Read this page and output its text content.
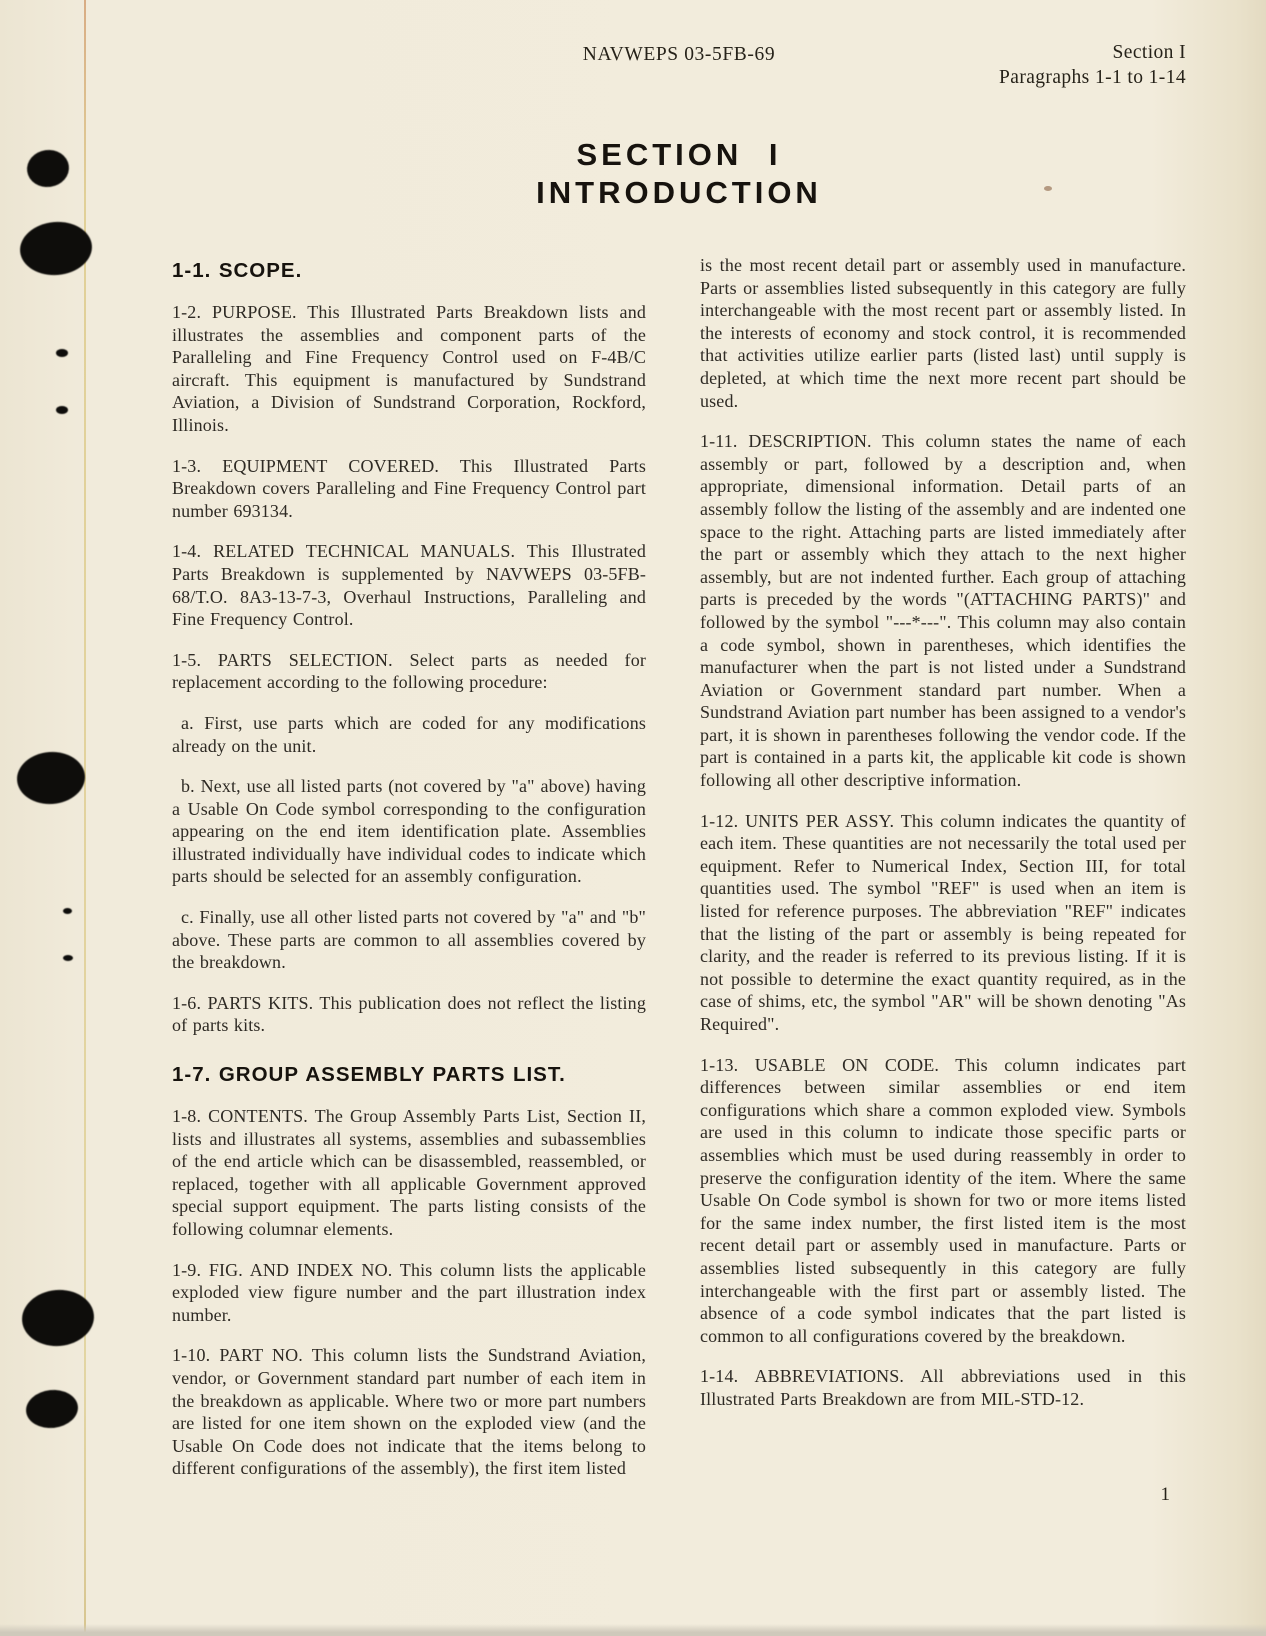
NAVWEPS 03-5FB-69	Section I
Paragraphs 1-1 to 1-14
SECTION I
INTRODUCTION
1-1. SCOPE.

1-2. PURPOSE. This Illustrated Parts Breakdown lists and illustrates the assemblies and component parts of the Paralleling and Fine Frequency Control used on F-4B/C aircraft. This equipment is manufactured by Sundstrand Aviation, a Division of Sundstrand Corporation, Rockford, Illinois.

1-3. EQUIPMENT COVERED. This Illustrated Parts Breakdown covers Paralleling and Fine Frequency Control part number 693134.

1-4. RELATED TECHNICAL MANUALS. This Illustrated Parts Breakdown is supplemented by NAVWEPS 03-5FB-68/T.O. 8A3-13-7-3, Overhaul Instructions, Paralleling and Fine Frequency Control.

1-5. PARTS SELECTION. Select parts as needed for replacement according to the following procedure:

a. First, use parts which are coded for any modifications already on the unit.

b. Next, use all listed parts (not covered by "a" above) having a Usable On Code symbol corresponding to the configuration appearing on the end item identification plate. Assemblies illustrated individually have individual codes to indicate which parts should be selected for an assembly configuration.

c. Finally, use all other listed parts not covered by "a" and "b" above. These parts are common to all assemblies covered by the breakdown.

1-6. PARTS KITS. This publication does not reflect the listing of parts kits.

1-7. GROUP ASSEMBLY PARTS LIST.

1-8. CONTENTS. The Group Assembly Parts List, Section II, lists and illustrates all systems, assemblies and subassemblies of the end article which can be disassembled, reassembled, or replaced, together with all applicable Government approved special support equipment. The parts listing consists of the following columnar elements.

1-9. FIG. AND INDEX NO. This column lists the applicable exploded view figure number and the part illustration index number.

1-10. PART NO. This column lists the Sundstrand Aviation, vendor, or Government standard part number of each item in the breakdown as applicable. Where two or more part numbers are listed for one item shown on the exploded view (and the Usable On Code does not indicate that the items belong to different configurations of the assembly), the first item listed

is the most recent detail part or assembly used in manufacture. Parts or assemblies listed subsequently in this category are fully interchangeable with the most recent part or assembly listed. In the interests of economy and stock control, it is recommended that activities utilize earlier parts (listed last) until supply is depleted, at which time the next more recent part should be used.

1-11. DESCRIPTION. This column states the name of each assembly or part, followed by a description and, when appropriate, dimensional information. Detail parts of an assembly follow the listing of the assembly and are indented one space to the right. Attaching parts are listed immediately after the part or assembly which they attach to the next higher assembly, but are not indented further. Each group of attaching parts is preceded by the words "(ATTACHING PARTS)" and followed by the symbol "---*---". This column may also contain a code symbol, shown in parentheses, which identifies the manufacturer when the part is not listed under a Sundstrand Aviation or Government standard part number. When a Sundstrand Aviation part number has been assigned to a vendor's part, it is shown in parentheses following the vendor code. If the part is contained in a parts kit, the applicable kit code is shown following all other descriptive information.

1-12. UNITS PER ASSY. This column indicates the quantity of each item. These quantities are not necessarily the total used per equipment. Refer to Numerical Index, Section III, for total quantities used. The symbol "REF" is used when an item is listed for reference purposes. The abbreviation "REF" indicates that the listing of the part or assembly is being repeated for clarity, and the reader is referred to its previous listing. If it is not possible to determine the exact quantity required, as in the case of shims, etc, the symbol "AR" will be shown denoting "As Required".

1-13. USABLE ON CODE. This column indicates part differences between similar assemblies or end item configurations which share a common exploded view. Symbols are used in this column to indicate those specific parts or assemblies which must be used during reassembly in order to preserve the configuration identity of the item. Where the same Usable On Code symbol is shown for two or more items listed for the same index number, the first listed item is the most recent detail part or assembly used in manufacture. Parts or assemblies listed subsequently in this category are fully interchangeable with the first part or assembly listed. The absence of a code symbol indicates that the part listed is common to all configurations covered by the breakdown.

1-14. ABBREVIATIONS. All abbreviations used in this Illustrated Parts Breakdown are from MIL-STD-12.

1
